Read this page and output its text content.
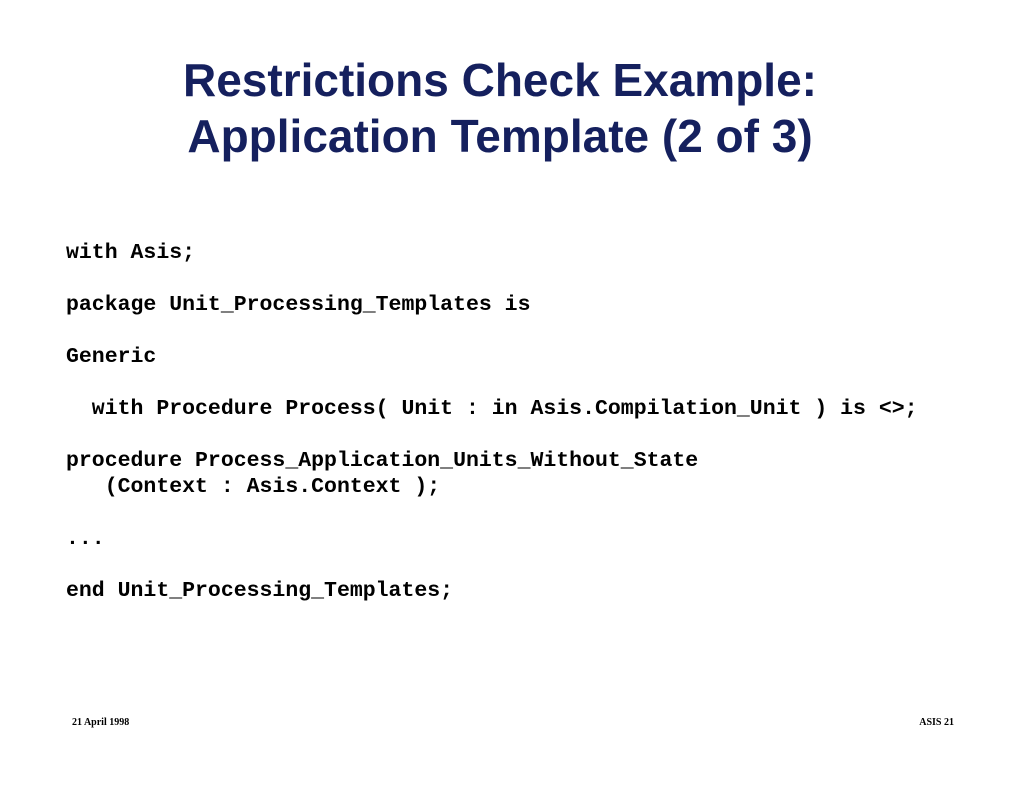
Restrictions Check Example:
Application Template (2 of 3)
with Asis;
package Unit_Processing_Templates is
Generic
with Procedure Process( Unit : in Asis.Compilation_Unit ) is <>;
procedure Process_Application_Units_Without_State
(Context : Asis.Context );
...
end Unit_Processing_Templates;
21 April 1998	ASIS 21
